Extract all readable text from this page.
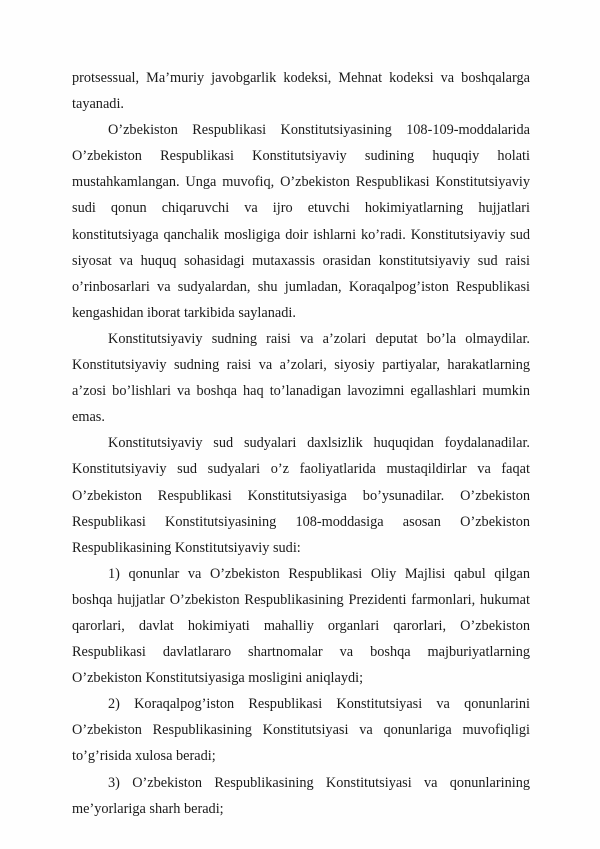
protsessual, Ma’muriy javobgarlik kodeksi, Mehnat kodeksi va boshqalarga tayanadi.

O’zbekiston Respublikasi Konstitutsiyasining 108-109-moddalarida O’zbekiston Respublikasi Konstitutsiyaviy sudining huquqiy holati mustahkamlangan. Unga muvofiq, O’zbekiston Respublikasi Konstitutsiyaviy sudi qonun chiqaruvchi va ijro etuvchi hokimiyatlarning hujjatlari konstitutsiyaga qanchalik mosligiga doir ishlarni ko’radi. Konstitutsiyaviy sud siyosat va huquq sohasidagi mutaxassis orasidan konstitutsiyaviy sud raisi o’rinbosarlari va sudyalardan, shu jumladan, Koraqalpog’iston Respublikasi kengashidan iborat tarkibida saylanadi.

Konstitutsiyaviy sudning raisi va a’zolari deputat bo’la olmaydilar. Konstitutsiyaviy sudning raisi va a’zolari, siyosiy partiyalar, harakatlarning a’zosi bo’lishlari va boshqa haq to’lanadigan lavozimni egallashlari mumkin emas.

Konstitutsiyaviy sud sudyalari daxlsizlik huquqidan foydalanadilar. Konstitutsiyaviy sud sudyalari o’z faoliyatlarida mustaqildirlar va faqat O’zbekiston Respublikasi Konstitutsiyasiga bo’ysunadilar. O’zbekiston Respublikasi Konstitutsiyasining 108-moddasiga asosan O’zbekiston Respublikasining Konstitutsiyaviy sudi:

1) qonunlar va O’zbekiston Respublikasi Oliy Majlisi qabul qilgan boshqa hujjatlar O’zbekiston Respublikasining Prezidenti farmonlari, hukumat qarorlari, davlat hokimiyati mahalliy organlari qarorlari, O’zbekiston Respublikasi davlatlararo shartnomalar va boshqa majburiyatlarning O’zbekiston Konstitutsiyasiga mosligini aniqlaydi;

2) Koraqalpog’iston Respublikasi Konstitutsiyasi va qonunlarini O’zbekiston Respublikasining Konstitutsiyasi va qonunlariga muvofiqligi to’g’risida xulosa beradi;

3) O’zbekiston Respublikasining Konstitutsiyasi va qonunlarining me’yorlariga sharh beradi;
